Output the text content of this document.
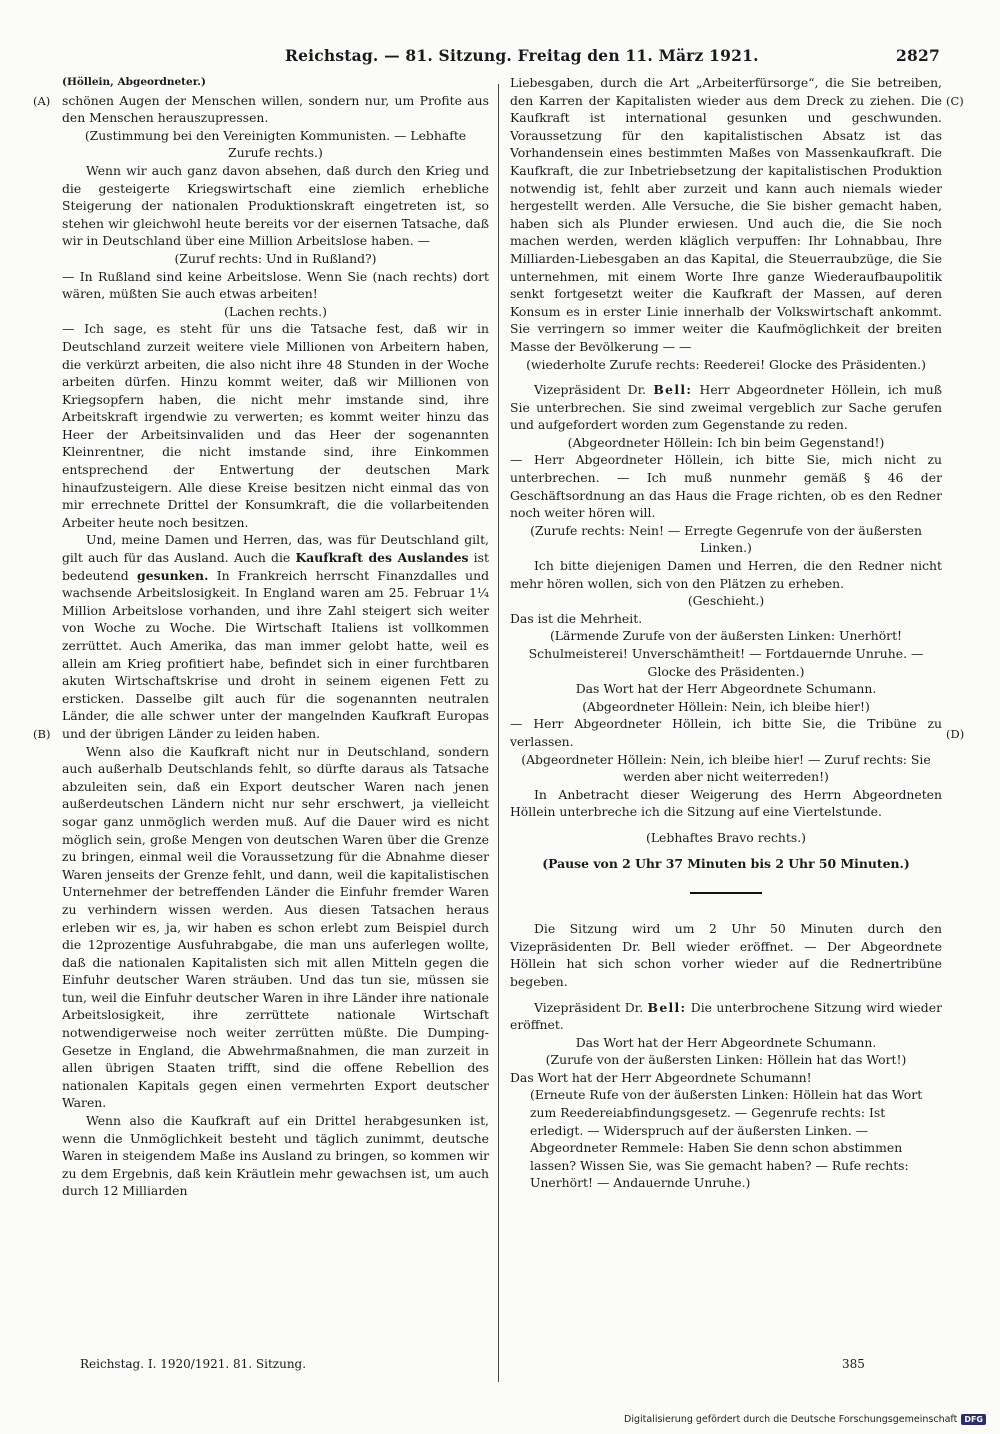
Reichstag. — 81. Sitzung. Freitag den 11. März 1921.	2827
(A)
(B)
(C)
(D)

(Höllein, Abgeordneter.)

schönen Augen der Menschen willen, sondern nur, um Profite aus den Menschen herauszupressen.

(Zustimmung bei den Vereinigten Kommunisten. — Lebhafte Zurufe rechts.)

Wenn wir auch ganz davon absehen, daß durch den Krieg und die gesteigerte Kriegswirtschaft eine ziemlich erhebliche Steigerung der nationalen Produktionskraft eingetreten ist, so stehen wir gleichwohl heute bereits vor der eisernen Tatsache, daß wir in Deutschland über eine Million Arbeitslose haben. —

(Zuruf rechts: Und in Rußland?)

— In Rußland sind keine Arbeitslose. Wenn Sie (nach rechts) dort wären, müßten Sie auch etwas arbeiten!

(Lachen rechts.)

— Ich sage, es steht für uns die Tatsache fest, daß wir in Deutschland zurzeit weitere viele Millionen von Arbeitern haben, die verkürzt arbeiten, die also nicht ihre 48 Stunden in der Woche arbeiten dürfen. Hinzu kommt weiter, daß wir Millionen von Kriegsopfern haben, die nicht mehr imstande sind, ihre Arbeitskraft irgendwie zu verwerten; es kommt weiter hinzu das Heer der Arbeitsinvaliden und das Heer der sogenannten Kleinrentner, die nicht imstande sind, ihre Einkommen entsprechend der Entwertung der deutschen Mark hinaufzusteigern. Alle diese Kreise besitzen nicht einmal das von mir errechnete Drittel der Konsumkraft, die die vollarbeitenden Arbeiter heute noch besitzen.

Und, meine Damen und Herren, das, was für Deutschland gilt, gilt auch für das Ausland. Auch die Kaufkraft des Auslandes ist bedeutend gesunken. In Frankreich herrscht Finanzdalles und wachsende Arbeitslosigkeit. In England waren am 25. Februar 1¼ Million Arbeitslose vorhanden, und ihre Zahl steigert sich weiter von Woche zu Woche. Die Wirtschaft Italiens ist vollkommen zerrüttet. Auch Amerika, das man immer gelobt hatte, weil es allein am Krieg profitiert habe, befindet sich in einer furchtbaren akuten Wirtschaftskrise und droht in seinem eigenen Fett zu ersticken. Dasselbe gilt auch für die sogenannten neutralen Länder, die alle schwer unter der mangelnden Kaufkraft Europas und der übrigen Länder zu leiden haben.

Wenn also die Kaufkraft nicht nur in Deutschland, sondern auch außerhalb Deutschlands fehlt, so dürfte daraus als Tatsache abzuleiten sein, daß ein Export deutscher Waren nach jenen außerdeutschen Ländern nicht nur sehr erschwert, ja vielleicht sogar ganz unmöglich werden muß. Auf die Dauer wird es nicht möglich sein, große Mengen von deutschen Waren über die Grenze zu bringen, einmal weil die Voraussetzung für die Abnahme dieser Waren jenseits der Grenze fehlt, und dann, weil die kapitalistischen Unternehmer der betreffenden Länder die Einfuhr fremder Waren zu verhindern wissen werden. Aus diesen Tatsachen heraus erleben wir es, ja, wir haben es schon erlebt zum Beispiel durch die 12prozentige Ausfuhrabgabe, die man uns auferlegen wollte, daß die nationalen Kapitalisten sich mit allen Mitteln gegen die Einfuhr deutscher Waren sträuben. Und das tun sie, müssen sie tun, weil die Einfuhr deutscher Waren in ihre Länder ihre nationale Arbeitslosigkeit, ihre zerrüttete nationale Wirtschaft notwendigerweise noch weiter zerrütten müßte. Die Dumping-Gesetze in England, die Abwehrmaßnahmen, die man zurzeit in allen übrigen Staaten trifft, sind die offene Rebellion des nationalen Kapitals gegen einen vermehrten Export deutscher Waren.

Wenn also die Kaufkraft auf ein Drittel herabgesunken ist, wenn die Unmöglichkeit besteht und täglich zunimmt, deutsche Waren in steigendem Maße ins Ausland zu bringen, so kommen wir zu dem Ergebnis, daß kein Kräutlein mehr gewachsen ist, um auch durch 12 Milliarden

Liebesgaben, durch die Art „Arbeiterfürsorge“, die Sie betreiben, den Karren der Kapitalisten wieder aus dem Dreck zu ziehen. Die Kaufkraft ist international gesunken und geschwunden. Voraussetzung für den kapitalistischen Absatz ist das Vorhandensein eines bestimmten Maßes von Massenkaufkraft. Die Kaufkraft, die zur Inbetriebsetzung der kapitalistischen Produktion notwendig ist, fehlt aber zurzeit und kann auch niemals wieder hergestellt werden. Alle Versuche, die Sie bisher gemacht haben, haben sich als Plunder erwiesen. Und auch die, die Sie noch machen werden, werden kläglich verpuffen: Ihr Lohnabbau, Ihre Milliarden-Liebesgaben an das Kapital, die Steuerraubzüge, die Sie unternehmen, mit einem Worte Ihre ganze Wiederaufbaupolitik senkt fortgesetzt weiter die Kaufkraft der Massen, auf deren Konsum es in erster Linie innerhalb der Volkswirtschaft ankommt. Sie verringern so immer weiter die Kaufmöglichkeit der breiten Masse der Bevölkerung — —

(wiederholte Zurufe rechts: Reederei! Glocke des Präsidenten.)

Vizepräsident Dr. Bell: Herr Abgeordneter Höllein, ich muß Sie unterbrechen. Sie sind zweimal vergeblich zur Sache gerufen und aufgefordert worden zum Gegenstande zu reden.

(Abgeordneter Höllein: Ich bin beim Gegenstand!)

— Herr Abgeordneter Höllein, ich bitte Sie, mich nicht zu unterbrechen. — Ich muß nunmehr gemäß § 46 der Geschäftsordnung an das Haus die Frage richten, ob es den Redner noch weiter hören will.

(Zurufe rechts: Nein! — Erregte Gegenrufe von der äußersten Linken.)

Ich bitte diejenigen Damen und Herren, die den Redner nicht mehr hören wollen, sich von den Plätzen zu erheben.

(Geschieht.)

Das ist die Mehrheit.

(Lärmende Zurufe von der äußersten Linken: Unerhört! Schulmeisterei! Unverschämtheit! — Fortdauernde Unruhe. — Glocke des Präsidenten.)

Das Wort hat der Herr Abgeordnete Schumann.

(Abgeordneter Höllein: Nein, ich bleibe hier!)

— Herr Abgeordneter Höllein, ich bitte Sie, die Tribüne zu verlassen.

(Abgeordneter Höllein: Nein, ich bleibe hier! — Zuruf rechts: Sie werden aber nicht weiterreden!)

In Anbetracht dieser Weigerung des Herrn Abgeordneten Höllein unterbreche ich die Sitzung auf eine Viertelstunde.

(Lebhaftes Bravo rechts.)

(Pause von 2 Uhr 37 Minuten bis 2 Uhr 50 Minuten.)

Die Sitzung wird um 2 Uhr 50 Minuten durch den Vizepräsidenten Dr. Bell wieder eröffnet. — Der Abgeordnete Höllein hat sich schon vorher wieder auf die Rednertribüne begeben.

Vizepräsident Dr. Bell: Die unterbrochene Sitzung wird wieder eröffnet.

Das Wort hat der Herr Abgeordnete Schumann.

(Zurufe von der äußersten Linken: Höllein hat das Wort!)

Das Wort hat der Herr Abgeordnete Schumann!

(Erneute Rufe von der äußersten Linken: Höllein hat das Wort zum Reedereiabfindungsgesetz. — Gegenrufe rechts: Ist erledigt. — Widerspruch auf der äußersten Linken. — Abgeordneter Remmele: Haben Sie denn schon abstimmen lassen? Wissen Sie, was Sie gemacht haben? — Rufe rechts: Unerhört! — Andauernde Unruhe.)

Reichstag. I. 1920/1921. 81. Sitzung.	385
Digitalisierung gefördert durch die Deutsche Forschungsgemeinschaft DFG
